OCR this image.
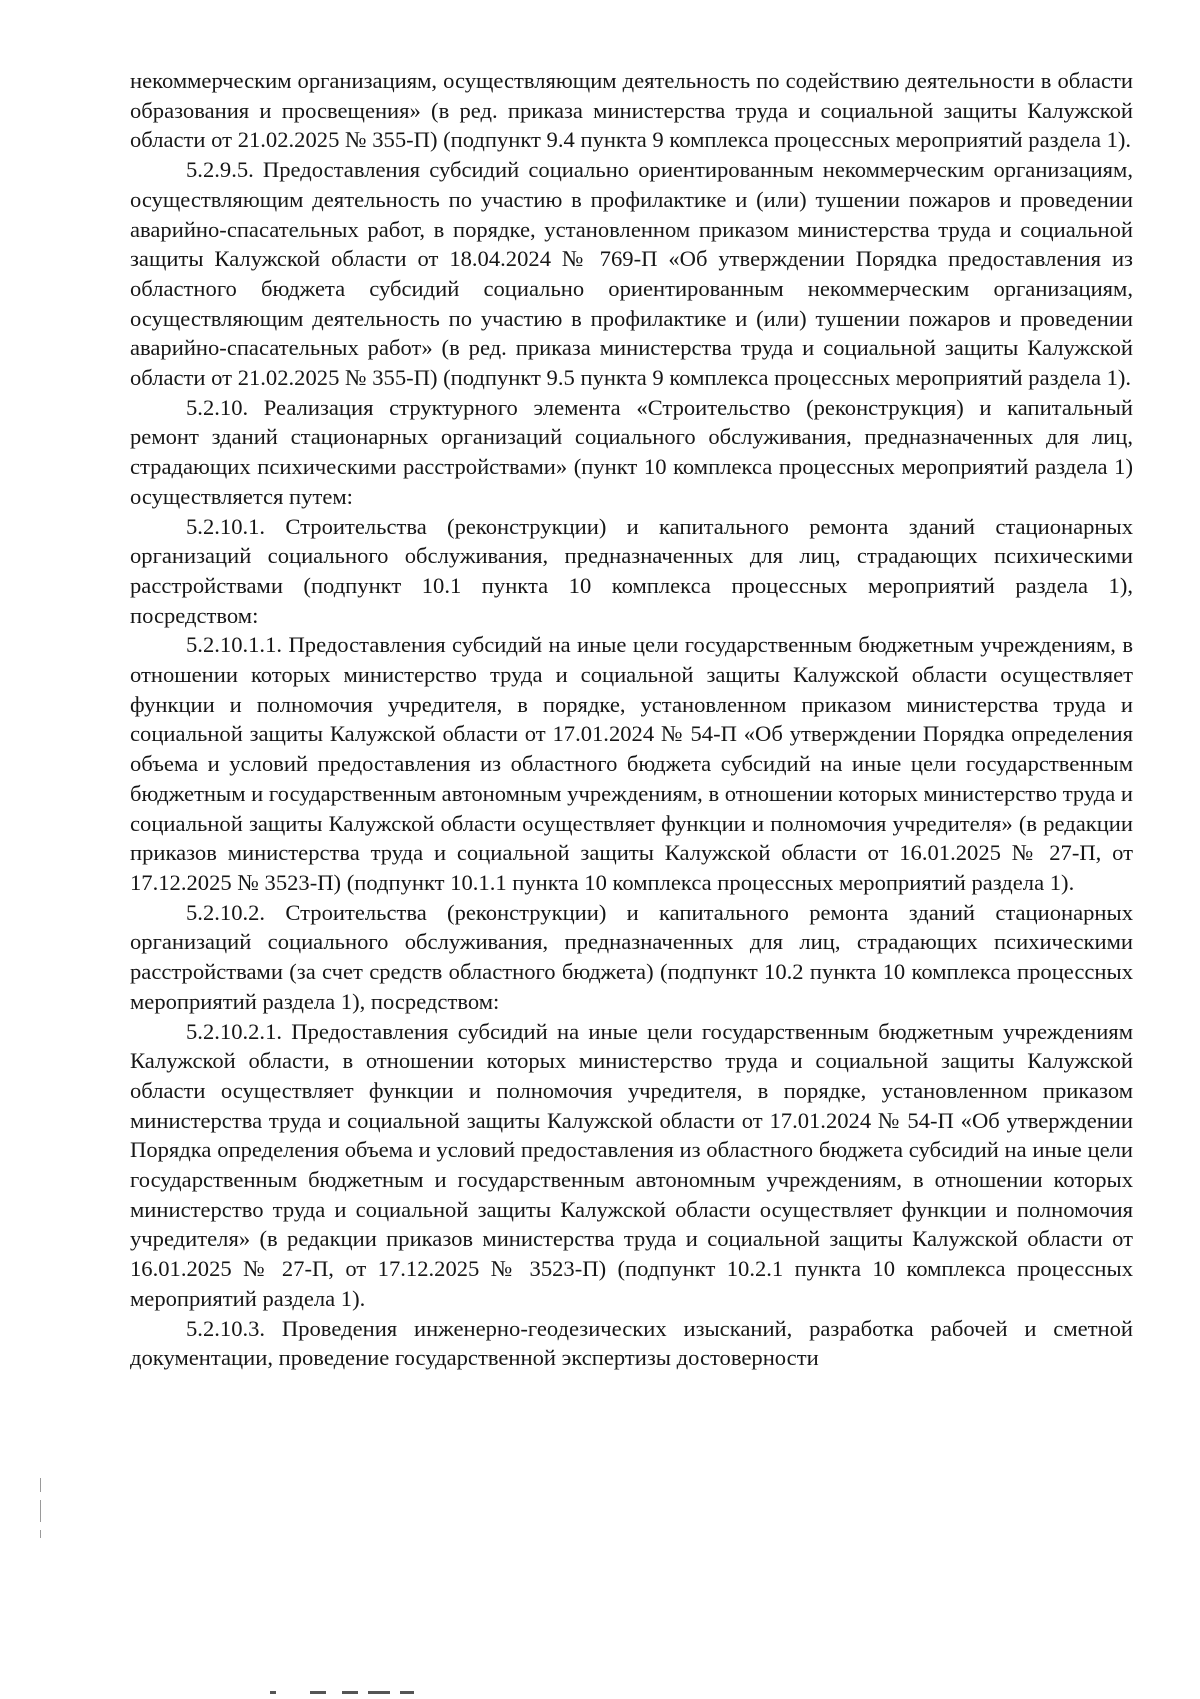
некоммерческим организациям, осуществляющим деятельность по содействию деятельности в области образования и просвещения» (в ред. приказа министерства труда и социальной защиты Калужской области от 21.02.2025 № 355-П) (подпункт 9.4 пункта 9 комплекса процессных мероприятий раздела 1).

5.2.9.5. Предоставления субсидий социально ориентированным некоммерческим организациям, осуществляющим деятельность по участию в профилактике и (или) тушении пожаров и проведении аварийно-спасательных работ, в порядке, установленном приказом министерства труда и социальной защиты Калужской области от 18.04.2024 № 769-П «Об утверждении Порядка предоставления из областного бюджета субсидий социально ориентированным некоммерческим организациям, осуществляющим деятельность по участию в профилактике и (или) тушении пожаров и проведении аварийно-спасательных работ» (в ред. приказа министерства труда и социальной защиты Калужской области от 21.02.2025 № 355-П) (подпункт 9.5 пункта 9 комплекса процессных мероприятий раздела 1).

5.2.10. Реализация структурного элемента «Строительство (реконструкция) и капитальный ремонт зданий стационарных организаций социального обслуживания, предназначенных для лиц, страдающих психическими расстройствами» (пункт 10 комплекса процессных мероприятий раздела 1) осуществляется путем:

5.2.10.1. Строительства (реконструкции) и капитального ремонта зданий стационарных организаций социального обслуживания, предназначенных для лиц, страдающих психическими расстройствами (подпункт 10.1 пункта 10 комплекса процессных мероприятий раздела 1), посредством:

5.2.10.1.1. Предоставления субсидий на иные цели государственным бюджетным учреждениям, в отношении которых министерство труда и социальной защиты Калужской области осуществляет функции и полномочия учредителя, в порядке, установленном приказом министерства труда и социальной защиты Калужской области от 17.01.2024 № 54-П «Об утверждении Порядка определения объема и условий предоставления из областного бюджета субсидий на иные цели государственным бюджетным и государственным автономным учреждениям, в отношении которых министерство труда и социальной защиты Калужской области осуществляет функции и полномочия учредителя» (в редакции приказов министерства труда и социальной защиты Калужской области от 16.01.2025 № 27-П, от 17.12.2025 № 3523-П) (подпункт 10.1.1 пункта 10 комплекса процессных мероприятий раздела 1).

5.2.10.2. Строительства (реконструкции) и капитального ремонта зданий стационарных организаций социального обслуживания, предназначенных для лиц, страдающих психическими расстройствами (за счет средств областного бюджета) (подпункт 10.2 пункта 10 комплекса процессных мероприятий раздела 1), посредством:

5.2.10.2.1. Предоставления субсидий на иные цели государственным бюджетным учреждениям Калужской области, в отношении которых министерство труда и социальной защиты Калужской области осуществляет функции и полномочия учредителя, в порядке, установленном приказом министерства труда и социальной защиты Калужской области от 17.01.2024 № 54-П «Об утверждении Порядка определения объема и условий предоставления из областного бюджета субсидий на иные цели государственным бюджетным и государственным автономным учреждениям, в отношении которых министерство труда и социальной защиты Калужской области осуществляет функции и полномочия учредителя» (в редакции приказов министерства труда и социальной защиты Калужской области от 16.01.2025 № 27-П, от 17.12.2025 № 3523-П) (подпункт 10.2.1 пункта 10 комплекса процессных мероприятий раздела 1).

5.2.10.3. Проведения инженерно-геодезических изысканий, разработка рабочей и сметной документации, проведение государственной экспертизы достоверности
